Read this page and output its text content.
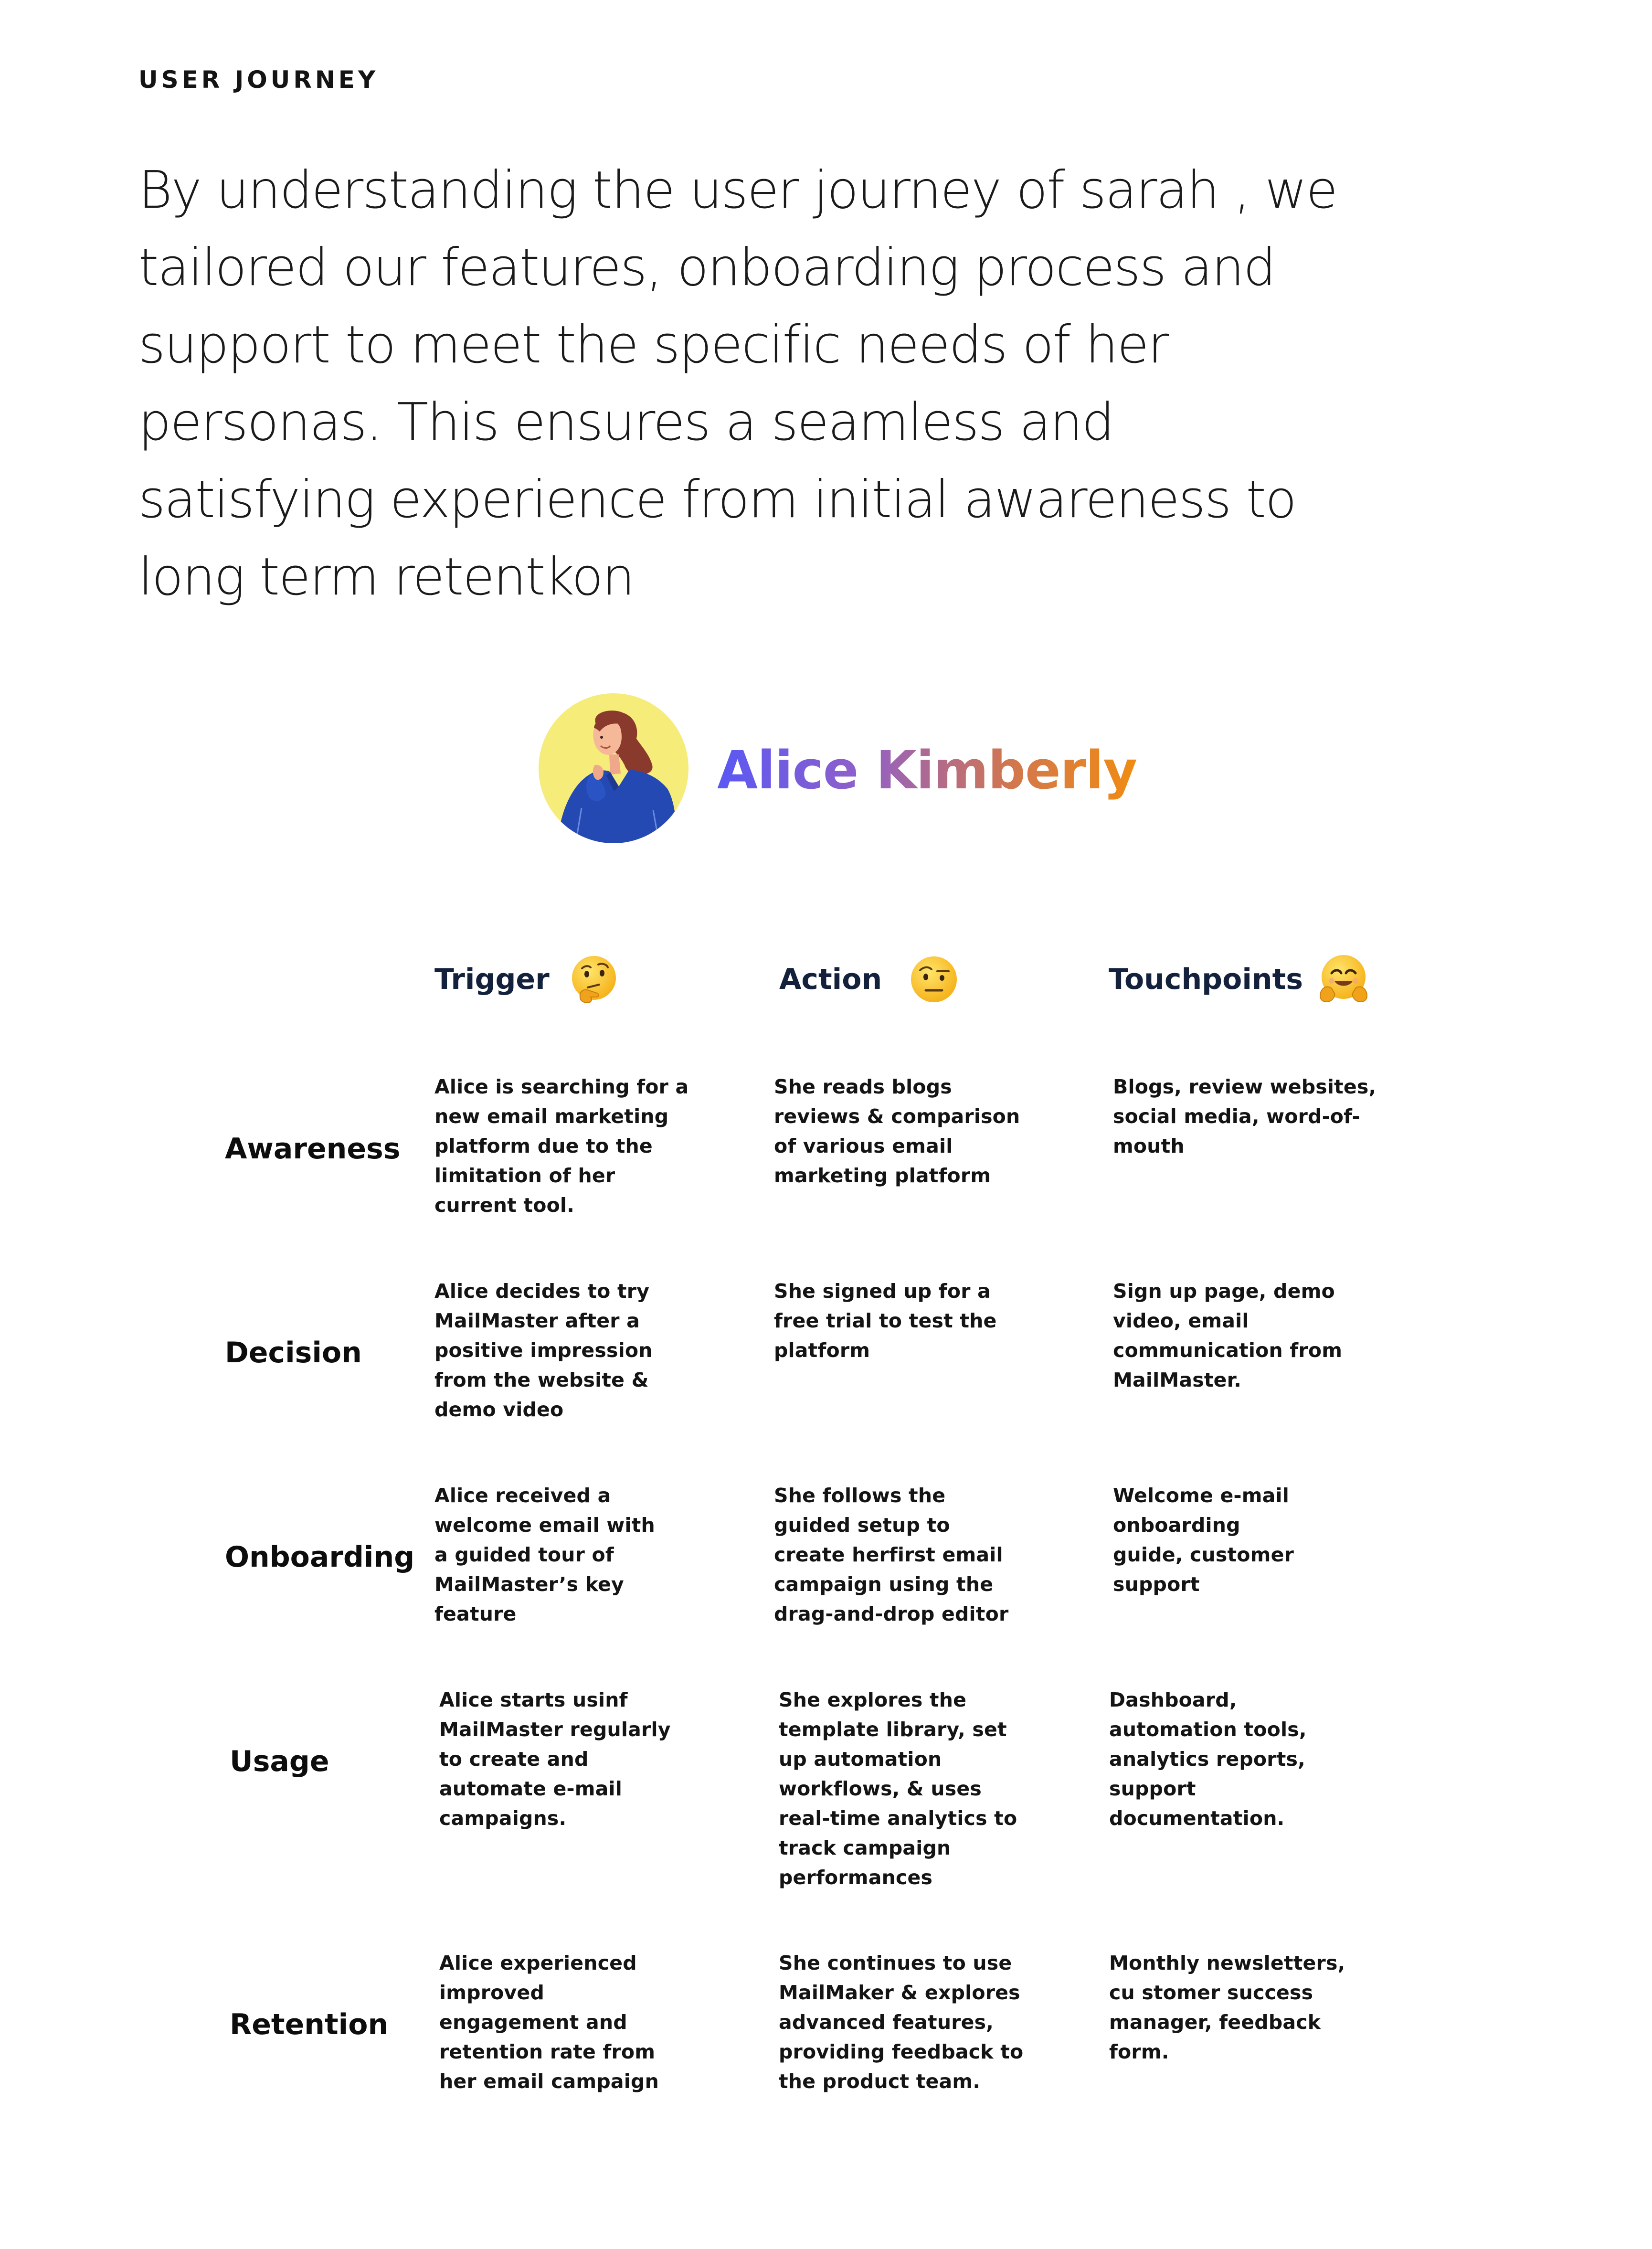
USER JOURNEY
By understanding the user journey of sarah , we tailored our features, onboarding process and support to meet the specific needs of her personas. This ensures a seamless and satisfying experience from initial awareness to long term retentkon
Alice Kimberly
Trigger	Action	Touchpoints
Awareness
Alice is searching for a new email marketing platform due to the limitation of her current tool.
She reads blogs reviews & comparison of various email marketing platform
Blogs, review websites, social media, word-of-mouth
Decision
Alice decides to try MailMaster after a positive impression from the website & demo video
She signed up for a free trial to test the platform
Sign up page, demo video, email communication from MailMaster.
Onboarding
Alice received a welcome email with a guided tour of MailMaster’s key feature
She follows the guided setup to create herfirst email campaign using the drag-and-drop editor
Welcome e-mail onboarding guide, customer support
Usage
Alice starts usinf MailMaster regularly to create and automate e-mail campaigns.
She explores the template library, set up automation workflows, & uses real-time analytics to track campaign performances
Dashboard, automation tools, analytics reports, support documentation.
Retention
Alice experienced improved engagement and retention rate from her email campaign
She continues to use MailMaker & explores advanced features, providing feedback to the product team.
Monthly newsletters, cu stomer success manager, feedback form.
